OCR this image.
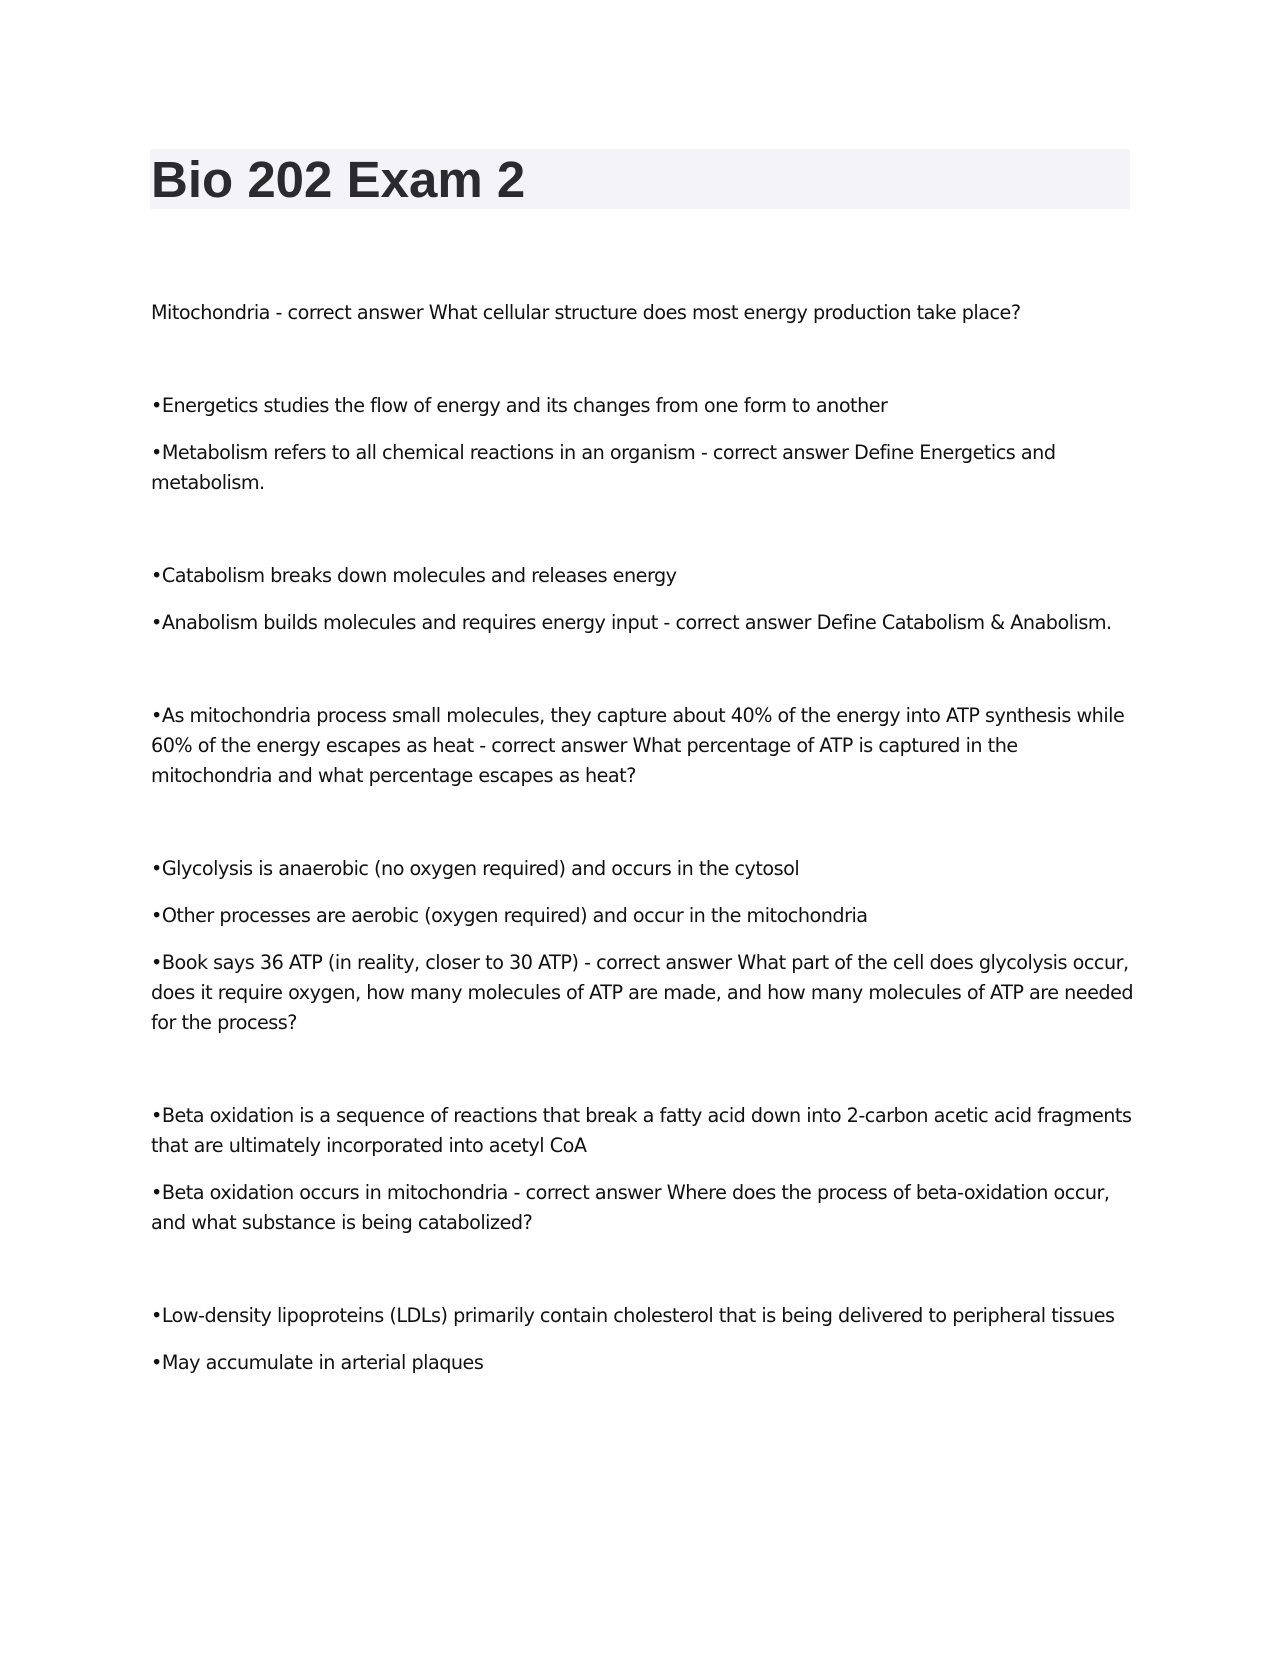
Bio 202 Exam 2

Mitochondria - correct answer What cellular structure does most energy production take place?

•Energetics studies the flow of energy and its changes from one form to another

•Metabolism refers to all chemical reactions in an organism - correct answer Define Energetics and metabolism.

•Catabolism breaks down molecules and releases energy

•Anabolism builds molecules and requires energy input - correct answer Define Catabolism & Anabolism.

•As mitochondria process small molecules, they capture about 40% of the energy into ATP synthesis while 60% of the energy escapes as heat - correct answer What percentage of ATP is captured in the mitochondria and what percentage escapes as heat?

•Glycolysis is anaerobic (no oxygen required) and occurs in the cytosol

•Other processes are aerobic (oxygen required) and occur in the mitochondria

•Book says 36 ATP (in reality, closer to 30 ATP) - correct answer What part of the cell does glycolysis occur, does it require oxygen, how many molecules of ATP are made, and how many molecules of ATP are needed for the process?

•Beta oxidation is a sequence of reactions that break a fatty acid down into 2-carbon acetic acid fragments that are ultimately incorporated into acetyl CoA

•Beta oxidation occurs in mitochondria - correct answer Where does the process of beta-oxidation occur, and what substance is being catabolized?

•Low-density lipoproteins (LDLs) primarily contain cholesterol that is being delivered to peripheral tissues

•May accumulate in arterial plaques
